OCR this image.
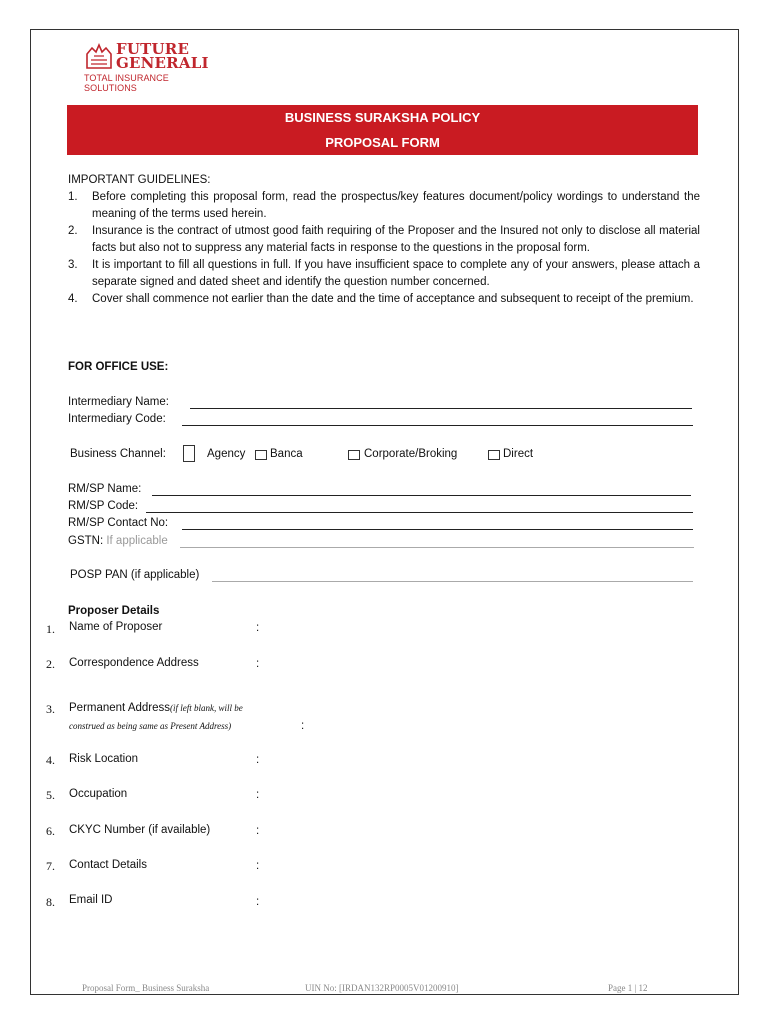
FUTURE
GENERALI
TOTAL INSURANCE SOLUTIONS
BUSINESS SURAKSHA POLICY
PROPOSAL FORM
IMPORTANT GUIDELINES:
1. Before completing this proposal form, read the prospectus/key features document/policy wordings to understand the meaning of the terms used herein.
2. Insurance is the contract of utmost good faith requiring of the Proposer and the Insured not only to disclose all material facts but also not to suppress any material facts in response to the questions in the proposal form.
3. It is important to fill all questions in full. If you have insufficient space to complete any of your answers, please attach a separate signed and dated sheet and identify the question number concerned.
4. Cover shall commence not earlier than the date and the time of acceptance and subsequent to receipt of the premium.
FOR OFFICE USE:
Intermediary Name:
Intermediary Code:
Business Channel:	Agency Banca	Corporate/Broking	Direct
RM/SP Name:
RM/SP Code:
RM/SP Contact No:
GSTN: If applicable
POSP PAN (if applicable)
Proposer Details
1. Name of Proposer	:
2. Correspondence Address	:
3. Permanent Address(if left blank, will be
construed as being same as Present Address)	:
4. Risk Location	:
5. Occupation	:
6. CKYC Number (if available)	:
7. Contact Details	:
8. Email ID	:
Proposal Form_ Business Suraksha	UIN No: [IRDAN132RP0005V01200910]	Page 1 | 12
